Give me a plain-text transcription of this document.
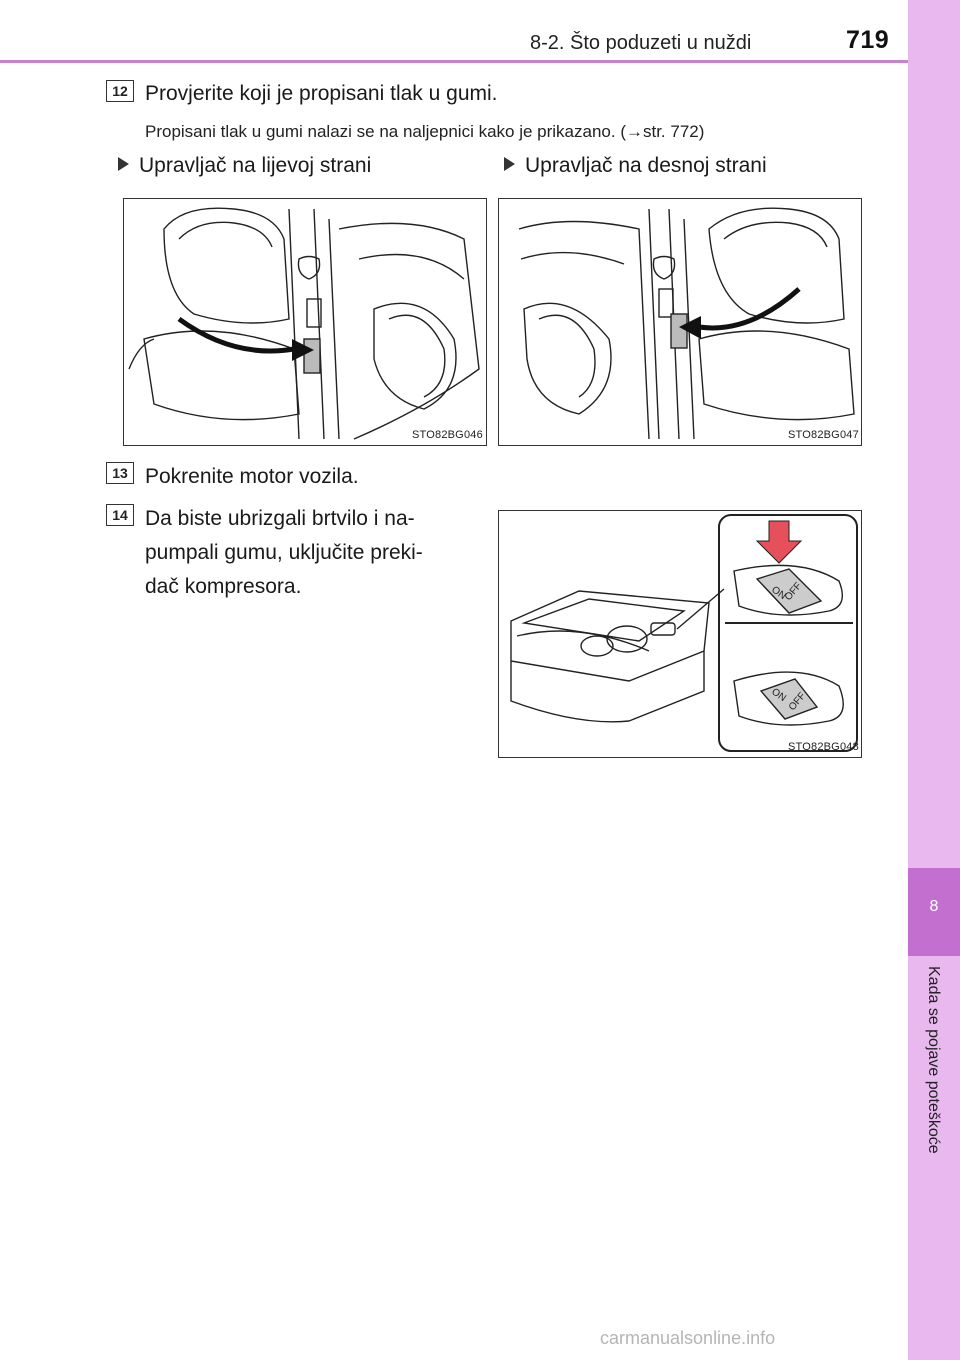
8-2. Što poduzeti u nuždi	719
8
Kada se pojave poteškoće
12 Provjerite koji je propisani tlak u gumi.
Propisani tlak u gumi nalazi se na naljepnici kako je prikazano. (→str. 772)
Upravljač na lijevoj strani	Upravljač na desnoj strani
STO82BG046	STO82BG047
13 Pokrenite motor vozila.
14 Da biste ubrizgali brtvilo i na-
pumpali gumu, uključite preki-
dač kompresora.	ON
OFF
ON
OFF
STO82BG048
carmanualsonline.info
